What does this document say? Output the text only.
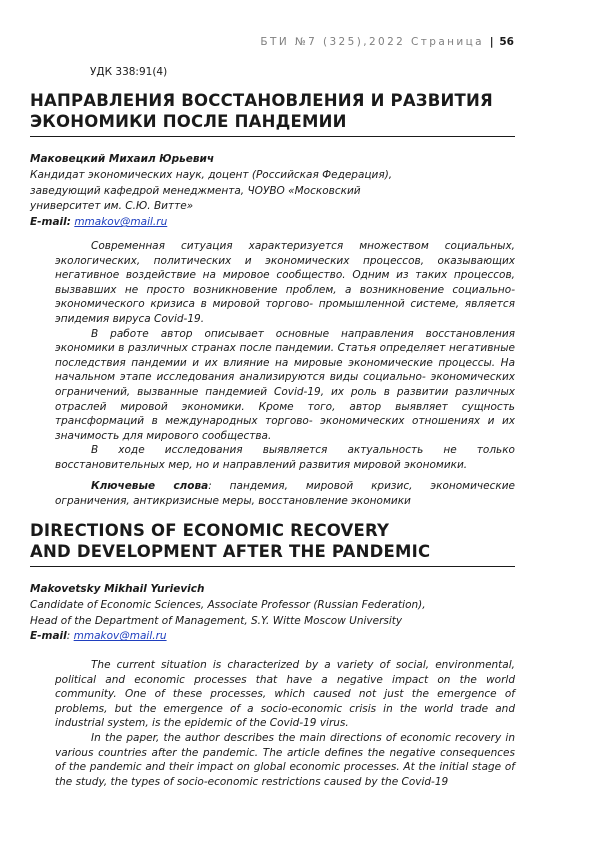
БТИ №7 (325),2022 Страница | 56
УДК 338:91(4)
НАПРАВЛЕНИЯ ВОССТАНОВЛЕНИЯ И РАЗВИТИЯ
ЭКОНОМИКИ ПОСЛЕ ПАНДЕМИИ
Маковецкий Михаил Юрьевич
Кандидат экономических наук, доцент (Российская Федерация),
заведующий кафедрой менеджмента, ЧОУВО «Московский
университет им. С.Ю. Витте»
E-mail: mmakov@mail.ru

Современная ситуация характеризуется множеством социальных, экологических, политических и экономических процессов, оказывающих негативное воздействие на мировое сообщество. Одним из таких процессов, вызвавших не просто возникновение проблем, а возникновение социально-экономического кризиса в мировой торгово- промышленной системе, является эпидемия вируса Covid-19.

В работе автор описывает основные направления восстановления экономики в различных странах после пандемии. Статья определяет негативные последствия пандемии и их влияние на мировые экономические процессы. На начальном этапе исследования анализируются виды социально- экономических ограничений, вызванные пандемией Covid-19, их роль в развитии различных отраслей мировой экономики. Кроме того, автор выявляет сущность трансформаций в международных торгово- экономических отношениях и их значимость для мирового сообщества.

В ходе исследования выявляется актуальность не только восстановительных мер, но и направлений развития мировой экономики.

Ключевые слова: пандемия, мировой кризис, экономические ограничения, антикризисные меры, восстановление экономики
DIRECTIONS OF ECONOMIC RECOVERY
AND DEVELOPMENT AFTER THE PANDEMIC
Makovetsky Mikhail Yurievich
Candidate of Economic Sciences, Associate Professor (Russian Federation),
Head of the Department of Management, S.Y. Witte Moscow University
E-mail: mmakov@mail.ru

The current situation is characterized by a variety of social, environmental, political and economic processes that have a negative impact on the world community. One of these processes, which caused not just the emergence of problems, but the emergence of a socio-economic crisis in the world trade and industrial system, is the epidemic of the Covid-19 virus.

In the paper, the author describes the main directions of economic recovery in various countries after the pandemic. The article defines the negative consequences of the pandemic and their impact on global economic processes. At the initial stage of the study, the types of socio-economic restrictions caused by the Covid-19
